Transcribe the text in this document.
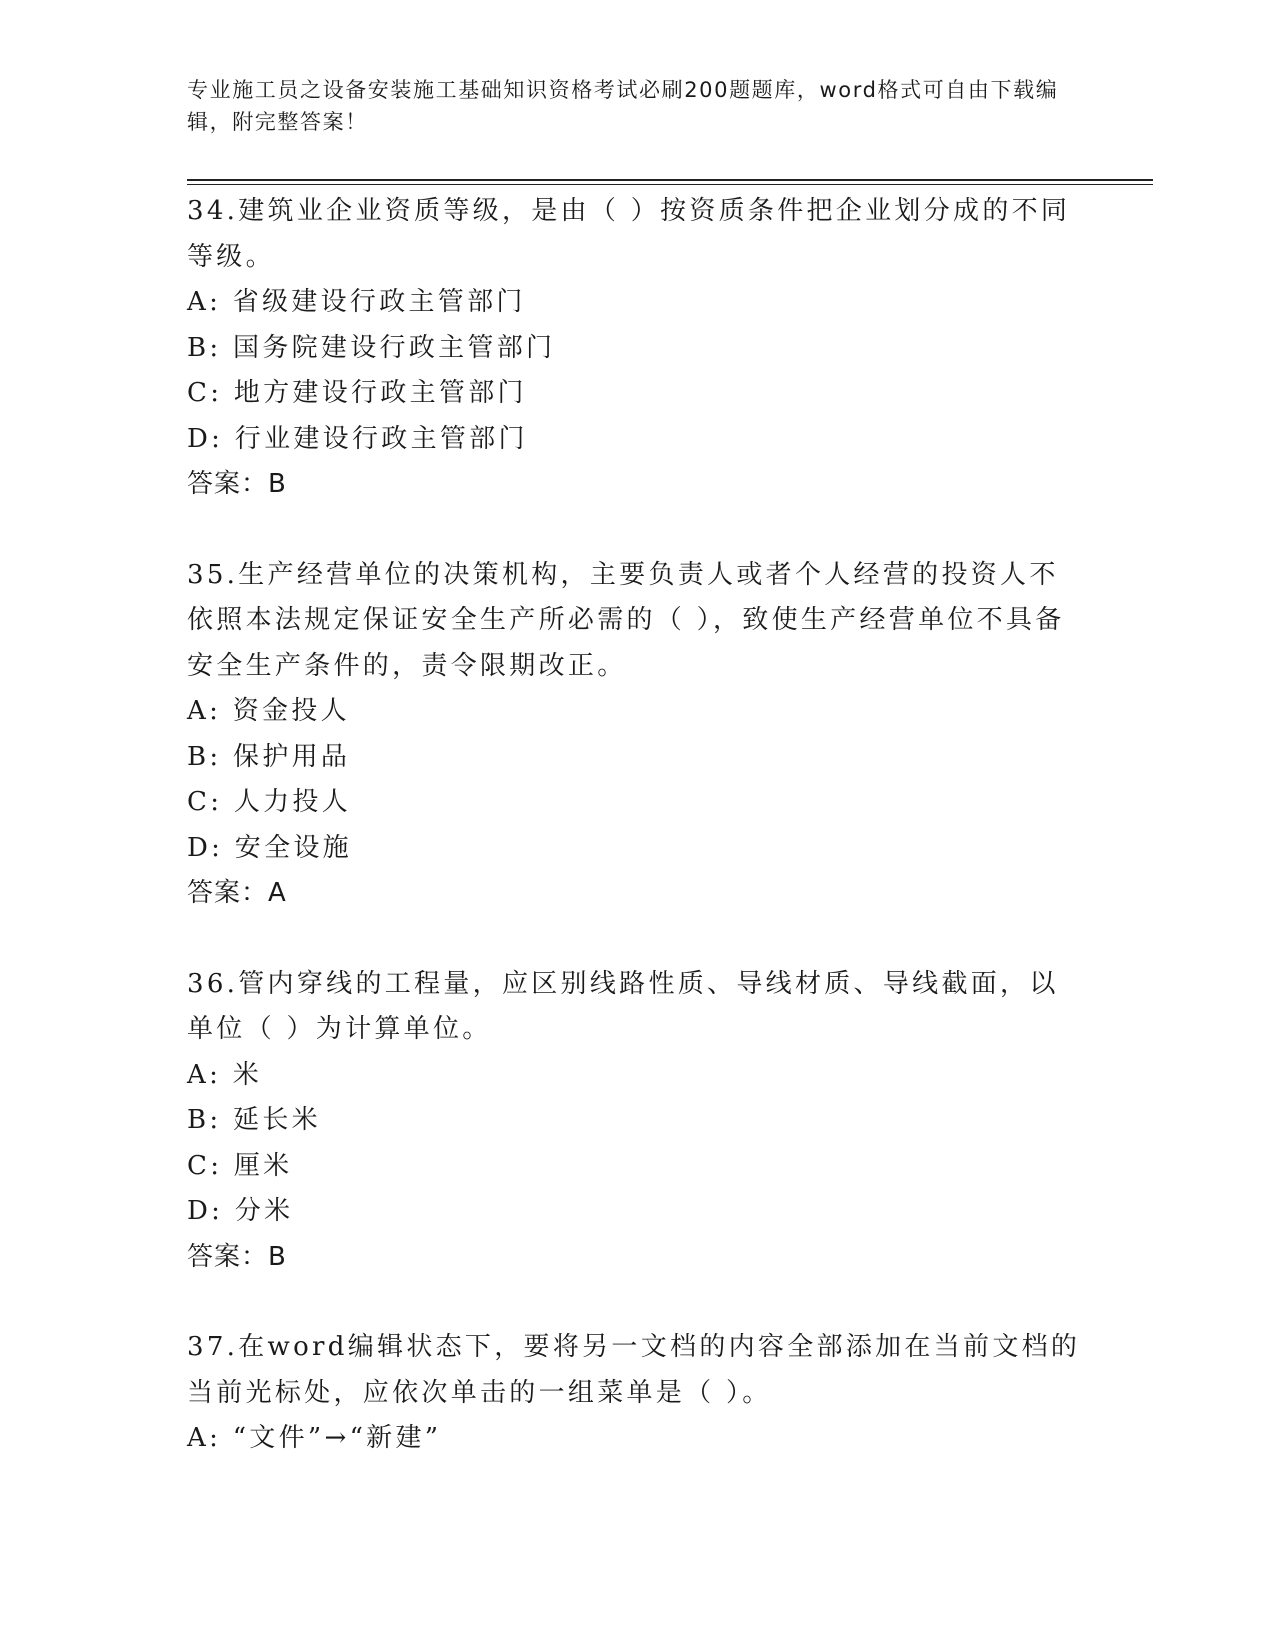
专业施工员之设备安装施工基础知识资格考试必刷200题题库，word格式可自由下载编辑，附完整答案！

34.建筑业企业资质等级，是由（ ）按资质条件把企业划分成的不同等级。

A: 省级建设行政主管部门

B: 国务院建设行政主管部门

C: 地方建设行政主管部门

D: 行业建设行政主管部门

答案：B

35.生产经营单位的决策机构，主要负责人或者个人经营的投资人不依照本法规定保证安全生产所必需的（ ），致使生产经营单位不具备安全生产条件的，责令限期改正。

A: 资金投人

B: 保护用品

C: 人力投人

D: 安全设施

答案：A

36.管内穿线的工程量，应区别线路性质、导线材质、导线截面，以单位（ ）为计算单位。

A: 米

B: 延长米

C: 厘米

D: 分米

答案：B

37.在word编辑状态下，要将另一文档的内容全部添加在当前文档的当前光标处，应依次单击的一组菜单是（ ）。

A: “文件”→“新建”
